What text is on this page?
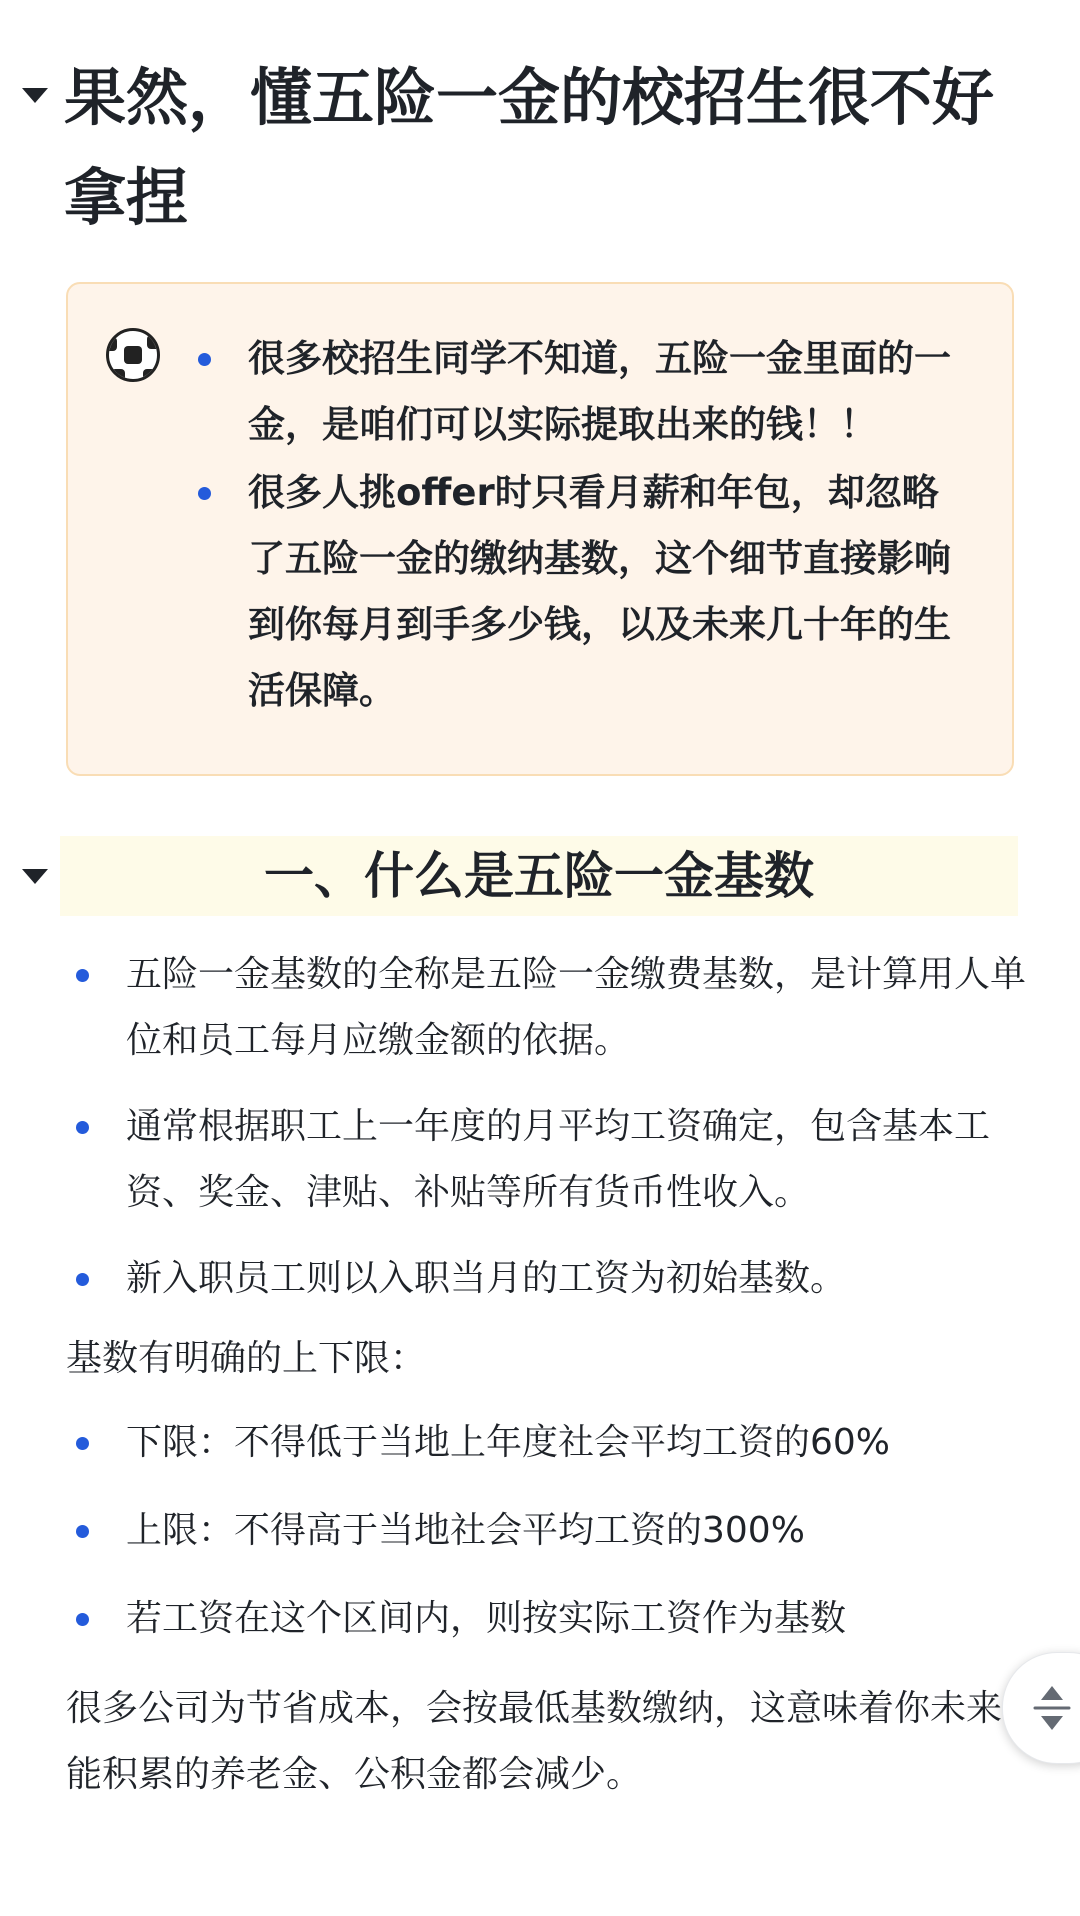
果然，懂五险一金的校招生很不好拿捏
很多校招生同学不知道，五险一金里面的一金，是咱们可以实际提取出来的钱！！
很多人挑offer时只看月薪和年包，却忽略了五险一金的缴纳基数，这个细节直接影响到你每月到手多少钱，以及未来几十年的生活保障。
一、什么是五险一金基数
五险一金基数的全称是五险一金缴费基数，是计算用人单位和员工每月应缴金额的依据。
通常根据职工上一年度的月平均工资确定，包含基本工资、奖金、津贴、补贴等所有货币性收入。
新入职员工则以入职当月的工资为初始基数。
基数有明确的上下限：
下限：不得低于当地上年度社会平均工资的60%
上限：不得高于当地社会平均工资的300%
若工资在这个区间内，则按实际工资作为基数
很多公司为节省成本，会按最低基数缴纳，这意味着你未来能积累的养老金、公积金都会减少。
